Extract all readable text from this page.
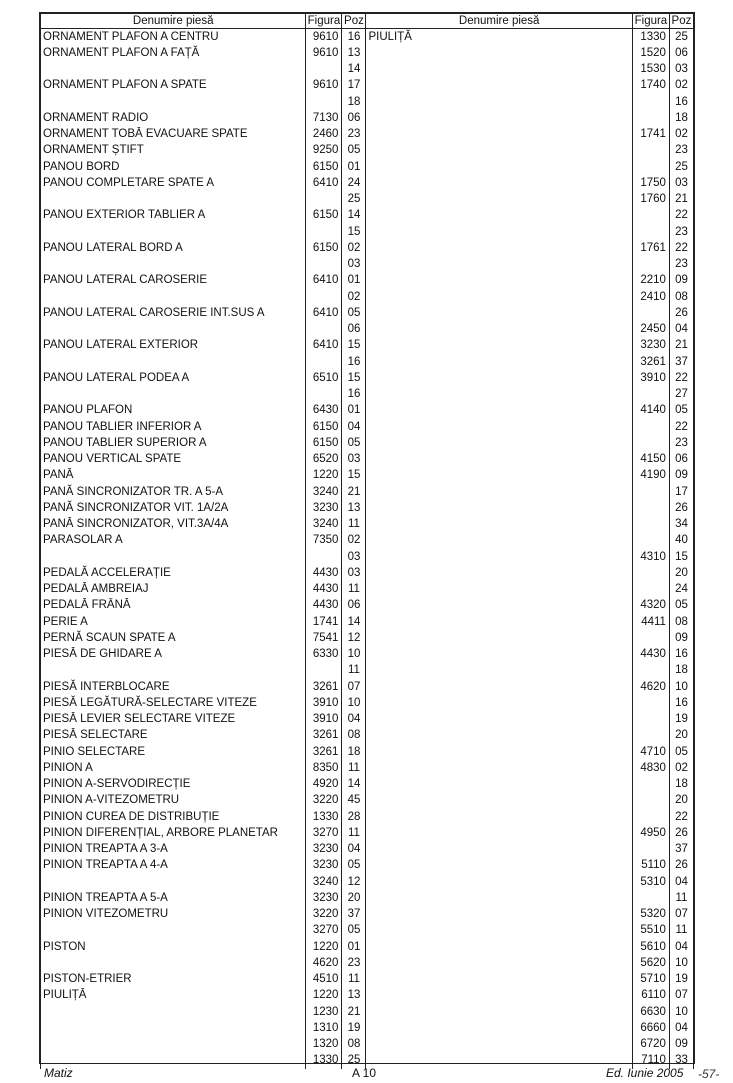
Denumire piesă	Figura	Poz	Denumire piesă	Figura	Poz
ORNAMENT PLAFON A CENTRU	9610	16	PIULIȚĂ	1330	25
ORNAMENT PLAFON A FAȚĂ	9610	13		1520	06
		14		1530	03
ORNAMENT PLAFON A SPATE	9610	17		1740	02
		18			16
ORNAMENT RADIO	7130	06			18
ORNAMENT TOBĂ EVACUARE SPATE	2460	23		1741	02
ORNAMENT ȘTIFT	9250	05			23
PANOU BORD	6150	01			25
PANOU COMPLETARE SPATE A	6410	24		1750	03
		25		1760	21
PANOU EXTERIOR TABLIER A	6150	14			22
		15			23
PANOU LATERAL BORD A	6150	02		1761	22
		03			23
PANOU LATERAL CAROSERIE	6410	01		2210	09
		02		2410	08
PANOU LATERAL CAROSERIE INT.SUS A	6410	05			26
		06		2450	04
PANOU LATERAL EXTERIOR	6410	15		3230	21
		16		3261	37
PANOU LATERAL PODEA A	6510	15		3910	22
		16			27
PANOU PLAFON	6430	01		4140	05
PANOU TABLIER INFERIOR A	6150	04			22
PANOU TABLIER SUPERIOR A	6150	05			23
PANOU VERTICAL SPATE	6520	03		4150	06
PANĂ	1220	15		4190	09
PANĂ SINCRONIZATOR TR. A 5-A	3240	21			17
PANĂ SINCRONIZATOR VIT. 1A/2A	3230	13			26
PANĂ SINCRONIZATOR, VIT.3A/4A	3240	11			34
PARASOLAR A	7350	02			40
		03		4310	15
PEDALĂ ACCELERAȚIE	4430	03			20
PEDALĂ AMBREIAJ	4430	11			24
PEDALĂ FRÂNĂ	4430	06		4320	05
PERIE A	1741	14		4411	08
PERNĂ SCAUN SPATE A	7541	12			09
PIESĂ DE GHIDARE A	6330	10		4430	16
		11			18
PIESĂ INTERBLOCARE	3261	07		4620	10
PIESĂ LEGĂTURĂ-SELECTARE VITEZE	3910	10			16
PIESĂ LEVIER SELECTARE VITEZE	3910	04			19
PIESĂ SELECTARE	3261	08			20
PINIO SELECTARE	3261	18		4710	05
PINION A	8350	11		4830	02
PINION A-SERVODIRECȚIE	4920	14			18
PINION A-VITEZOMETRU	3220	45			20
PINION CUREA DE DISTRIBUȚIE	1330	28			22
PINION DIFERENȚIAL, ARBORE PLANETAR	3270	11		4950	26
PINION TREAPTA A 3-A	3230	04			37
PINION TREAPTA A 4-A	3230	05		5110	26
	3240	12		5310	04
PINION TREAPTA A 5-A	3230	20			11
PINION VITEZOMETRU	3220	37		5320	07
	3270	05		5510	11
PISTON	1220	01		5610	04
	4620	23		5620	10
PISTON-ETRIER	4510	11		5710	19
PIULIȚĂ	1220	13		6110	07
	1230	21		6630	10
	1310	19		6660	04
	1320	08		6720	09
	1330	25		7110	33
Matiz	A 10	Ed. Iunie 2005 -57-
